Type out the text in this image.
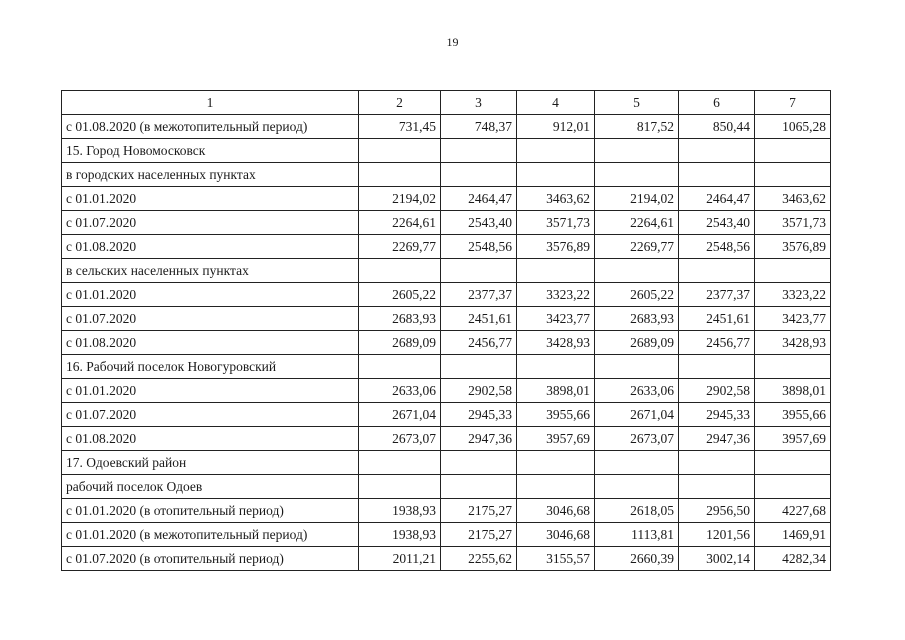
19
1	2	3	4	5	6	7
с 01.08.2020 (в межотопительный период)	731,45	748,37	912,01	817,52	850,44	1065,28
15. Город Новомосковск						
в городских населенных пунктах						
с 01.01.2020	2194,02	2464,47	3463,62	2194,02	2464,47	3463,62
с 01.07.2020	2264,61	2543,40	3571,73	2264,61	2543,40	3571,73
с 01.08.2020	2269,77	2548,56	3576,89	2269,77	2548,56	3576,89
в сельских населенных пунктах						
с 01.01.2020	2605,22	2377,37	3323,22	2605,22	2377,37	3323,22
с 01.07.2020	2683,93	2451,61	3423,77	2683,93	2451,61	3423,77
с 01.08.2020	2689,09	2456,77	3428,93	2689,09	2456,77	3428,93
16. Рабочий поселок Новогуровский						
с 01.01.2020	2633,06	2902,58	3898,01	2633,06	2902,58	3898,01
с 01.07.2020	2671,04	2945,33	3955,66	2671,04	2945,33	3955,66
с 01.08.2020	2673,07	2947,36	3957,69	2673,07	2947,36	3957,69
17. Одоевский район						
рабочий поселок Одоев						
с 01.01.2020 (в отопительный период)	1938,93	2175,27	3046,68	2618,05	2956,50	4227,68
с 01.01.2020 (в межотопительный период)	1938,93	2175,27	3046,68	1113,81	1201,56	1469,91
с 01.07.2020 (в отопительный период)	2011,21	2255,62	3155,57	2660,39	3002,14	4282,34
